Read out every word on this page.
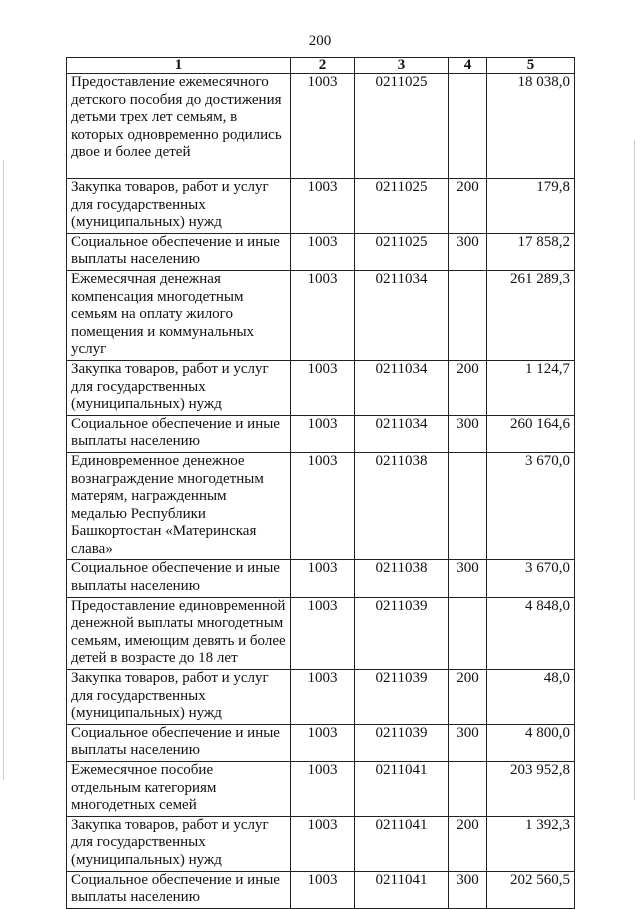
200
1	2	3	4	5
Предоставление ежемесячного детского пособия до достижения детьми трех лет семьям, в которых одновременно родились двое и более детей	1003	0211025		18 038,0
Закупка товаров, работ и услуг для государственных (муниципальных) нужд	1003	0211025	200	179,8
Социальное обеспечение и иные выплаты населению	1003	0211025	300	17 858,2
Ежемесячная денежная компенсация многодетным семьям на оплату жилого помещения и коммунальных услуг	1003	0211034		261 289,3
Закупка товаров, работ и услуг для государственных (муниципальных) нужд	1003	0211034	200	1 124,7
Социальное обеспечение и иные выплаты населению	1003	0211034	300	260 164,6
Единовременное денежное вознаграждение многодетным матерям, награжденным медалью Республики Башкортостан «Материнская слава»	1003	0211038		3 670,0
Социальное обеспечение и иные выплаты населению	1003	0211038	300	3 670,0
Предоставление единовременной денежной выплаты многодетным семьям, имеющим девять и более детей в возрасте до 18 лет	1003	0211039		4 848,0
Закупка товаров, работ и услуг для государственных (муниципальных) нужд	1003	0211039	200	48,0
Социальное обеспечение и иные выплаты населению	1003	0211039	300	4 800,0
Ежемесячное пособие отдельным категориям многодетных семей	1003	0211041		203 952,8
Закупка товаров, работ и услуг для государственных (муниципальных) нужд	1003	0211041	200	1 392,3
Социальное обеспечение и иные выплаты населению	1003	0211041	300	202 560,5
